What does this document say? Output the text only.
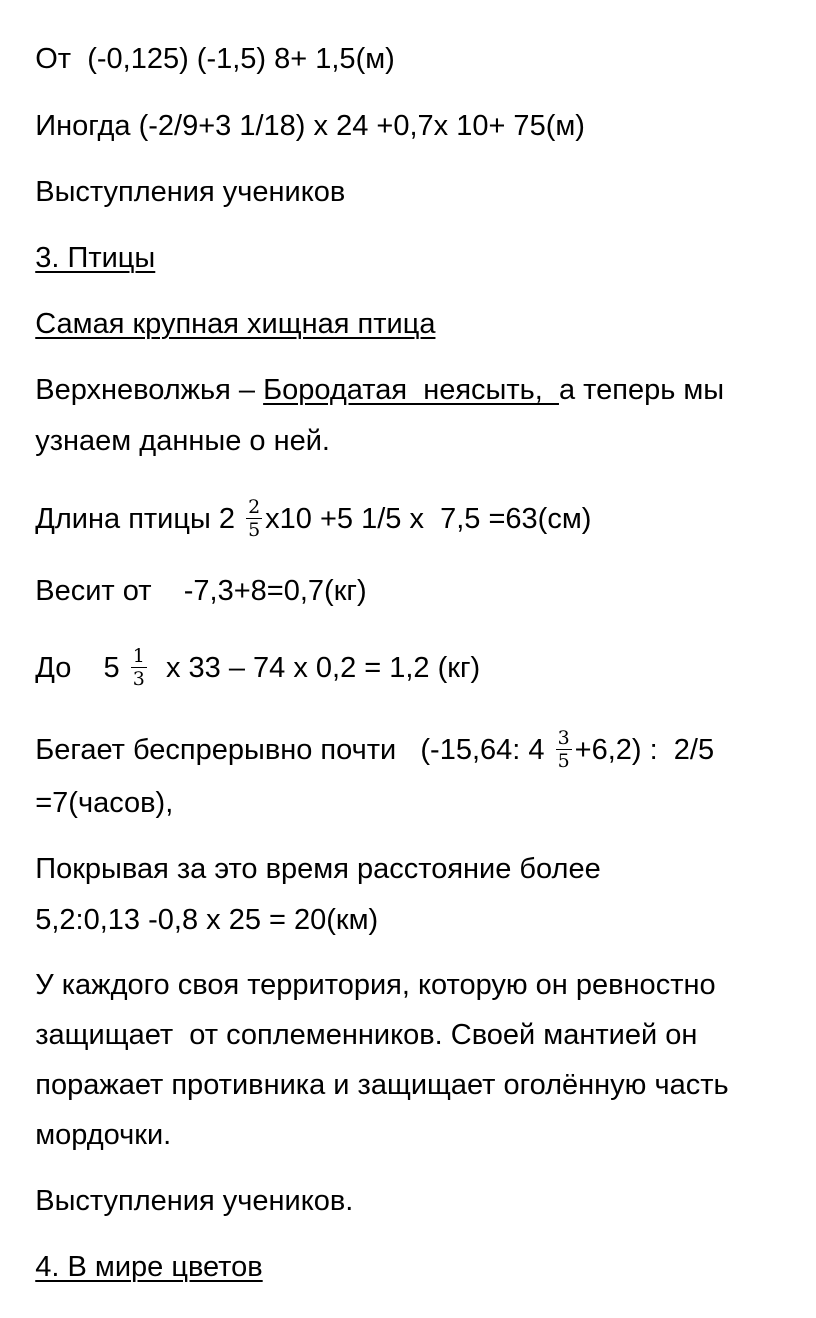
От  (-0,125) (-1,5) 8+ 1,5(м)

Иногда (-2/9+3 1/18) х 24 +0,7х 10+ 75(м)

Выступления учеников

3. Птицы

Самая крупная хищная птица

Верхневолжья – Бородатая  неясыть,  а теперь мы

узнаем данные о ней.

Длина птицы $2 \frac{2}{5} х10 +5$ 1/5 х  7,5 =63(см)

Весит от    -7,3+8=0,7(кг)

До    $5 \frac{1}{3}$ х 33 – 74 х 0,2 = 1,2 (кг)

Бегает беспрерывно почти   (-15,64: $4 \frac{3}{5} +6,2$) :  2/5

=7(часов),

Покрывая за это время расстояние более

5,2:0,13 -0,8 х 25 = 20(км)

У каждого своя территория, которую он ревностно

защищает  от соплеменников. Своей мантией он

поражает противника и защищает оголённую часть

мордочки.

Выступления учеников.

4. В мире цветов
